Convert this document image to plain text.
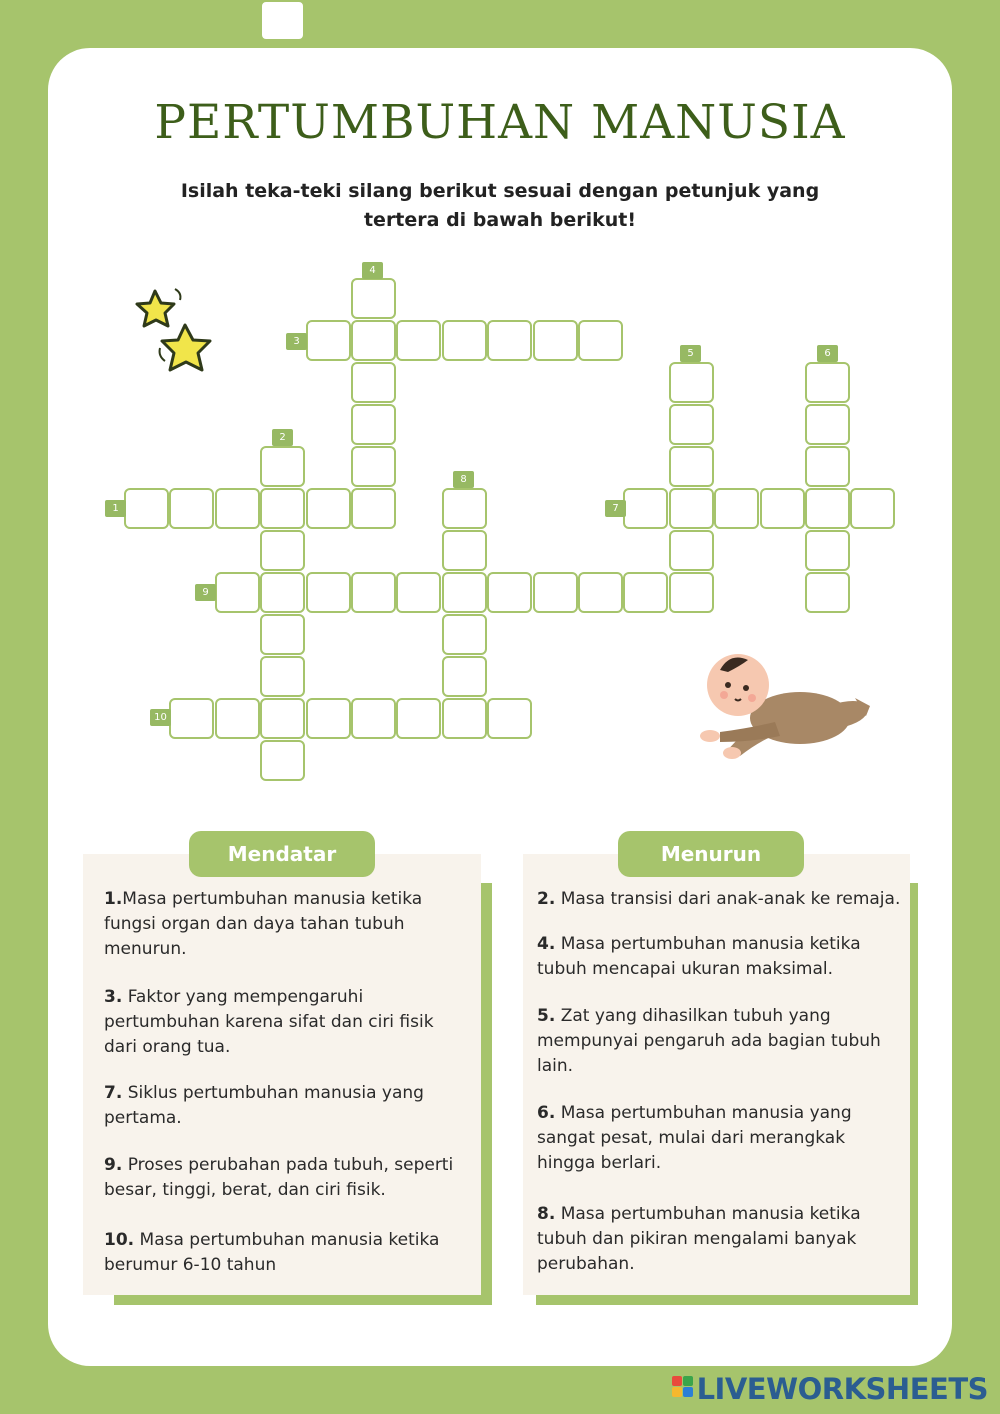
PERTUMBUHAN MANUSIA
Isilah teka-teki silang berikut sesuai dengan petunjuk yang tertera di bawah berikut!
1
2
3
4
5	6
7
8
9
10
Mendatar
1.Masa pertumbuhan manusia ketika fungsi organ dan daya tahan tubuh menurun.
3. Faktor yang mempengaruhi pertumbuhan karena sifat dan ciri fisik dari orang tua.
7. Siklus pertumbuhan manusia yang pertama.
9. Proses perubahan pada tubuh, seperti besar, tinggi, berat, dan ciri fisik.
10. Masa pertumbuhan manusia ketika berumur 6-10 tahun
Menurun
2. Masa transisi dari anak-anak ke remaja.
4. Masa pertumbuhan manusia ketika tubuh mencapai ukuran maksimal.
5. Zat yang dihasilkan tubuh yang mempunyai pengaruh ada bagian tubuh lain.
6. Masa pertumbuhan manusia yang sangat pesat, mulai dari merangkak hingga berlari.
8. Masa pertumbuhan manusia ketika tubuh dan pikiran mengalami banyak perubahan.
LIVEWORKSHEETS
